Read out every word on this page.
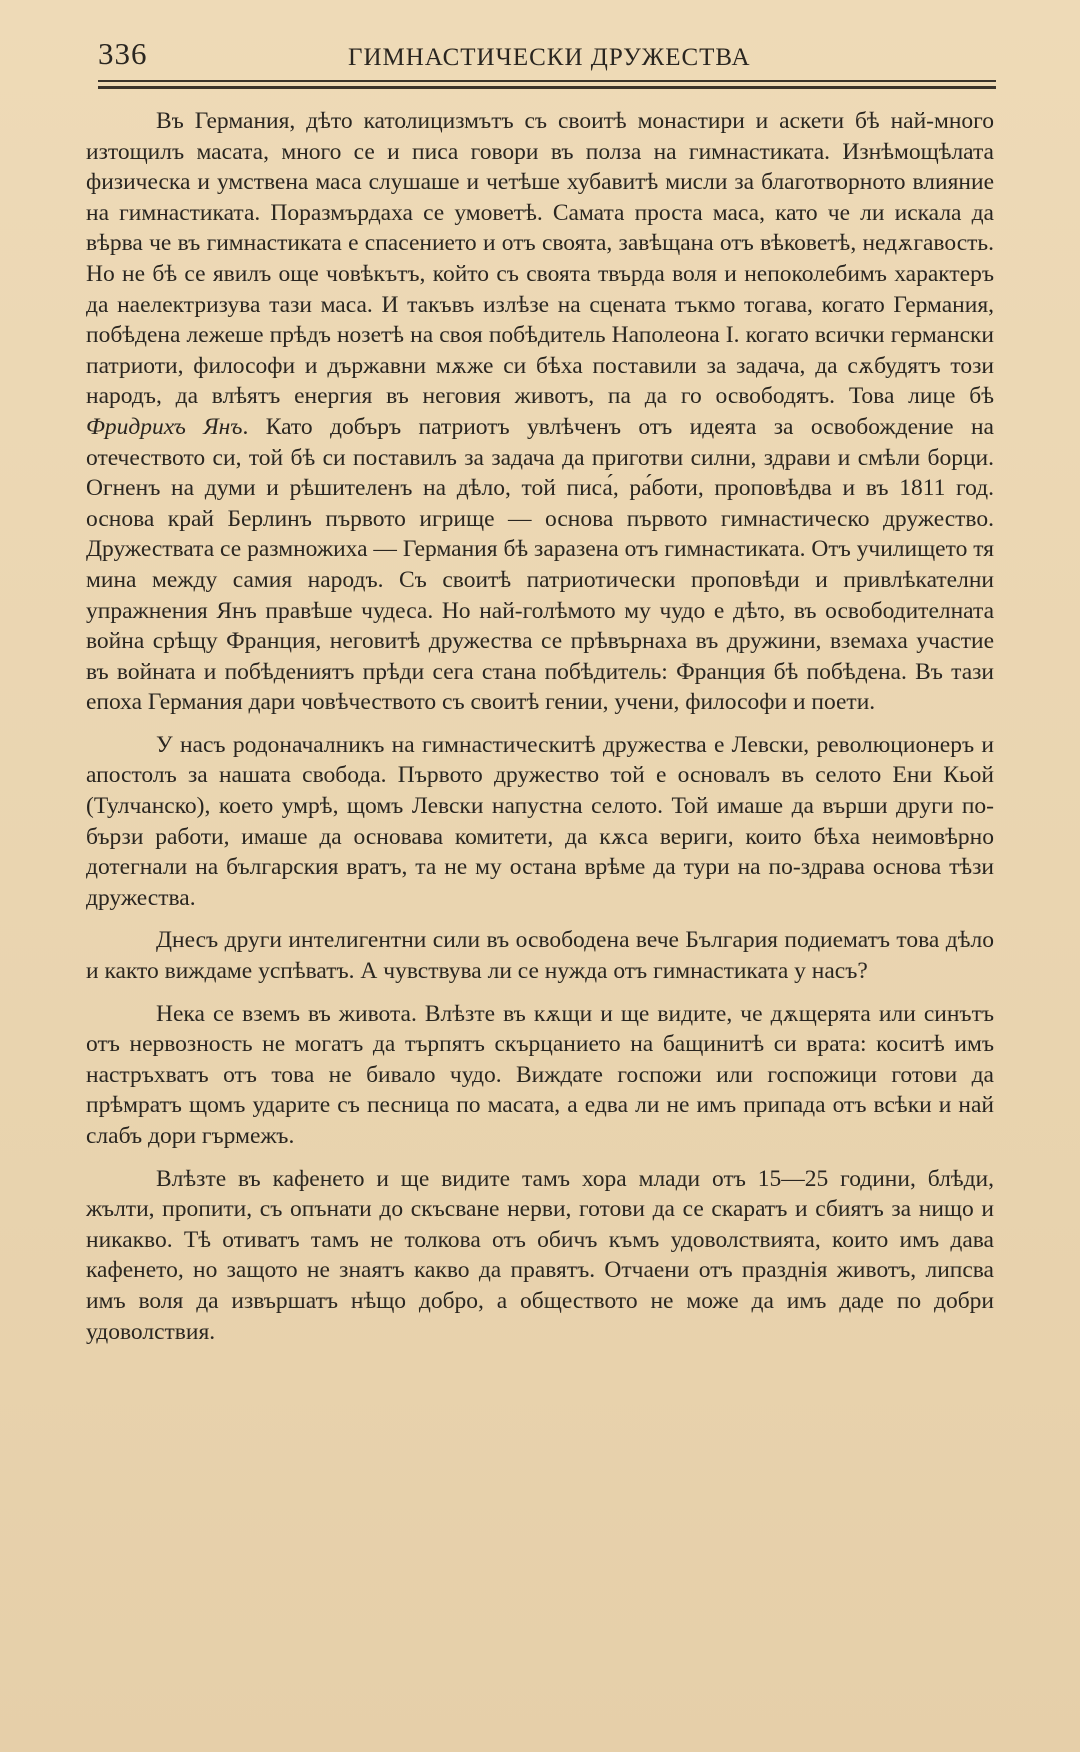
336	ГИМНАСТИЧЕСКИ ДРУЖЕСТВА

Въ Германия, дѣто католицизмътъ съ своитѣ монастири и аскети бѣ най-много изтощилъ масата, много се и писа говори въ полза на гимнастиката. Изнѣмощѣлата физическа и умствена маса слушаше и четѣше хубавитѣ мисли за благотворното влияние на гимнастиката. Поразмърдаха се умоветѣ. Самата проста маса, като че ли искала да вѣрва че въ гимнастиката е спасението и отъ своята, завѣщана отъ вѣковетѣ, недѫгавость. Но не бѣ се явилъ още човѣкътъ, който съ своята твърда воля и непоколебимъ характеръ да наелектризува тази маса. И такъвъ излѣзе на сцената тъкмо тогава, когато Германия, побѣдена лежеше прѣдъ нозетѣ на своя побѣдитель Наполеона I. когато всички германски патриоти, философи и държавни мѫже си бѣха поставили за задача, да сѫбудятъ този народъ, да влѣятъ енергия въ неговия животъ, па да го освободятъ. Това лице бѣ Фридрихъ Янъ. Като добъръ патриотъ увлѣченъ отъ идеята за освобождение на отечеството си, той бѣ си поставилъ за задача да приготви силни, здрави и смѣли борци. Огненъ на думи и рѣшителенъ на дѣло, той писа́, ра́боти, проповѣдва и въ 1811 год. основа край Берлинъ първото игрище — основа първото гимнастическо дружество. Дружествата се размножиха — Германия бѣ заразена отъ гимнастиката. Отъ училището тя мина между самия народъ. Съ своитѣ патриотически проповѣди и привлѣкателни упражнения Янъ правѣше чудеса. Но най-голѣмото му чудо е дѣто, въ освободителната война срѣщу Франция, неговитѣ дружества се прѣвърнаха въ дружини, вземаха участие въ войната и побѣдениятъ прѣди сега стана побѣдитель: Франция бѣ побѣдена. Въ тази епоха Германия дари човѣчеството съ своитѣ гении, учени, философи и поети.

У насъ родоначалникъ на гимнастическитѣ дружества е Левски, революционеръ и апостолъ за нашата свобода. Първото дружество той е основалъ въ селото Ени Кьой (Тулчанско), което умрѣ, щомъ Левски напустна селото. Той имаше да върши други по-бързи работи, имаше да основава комитети, да кѫса вериги, които бѣха неимовѣрно дотегнали на българския вратъ, та не му остана врѣме да тури на по-здрава основа тѣзи дружества.

Днесъ други интелигентни сили въ освободена вече България подиематъ това дѣло и както виждаме успѣватъ. А чувствува ли се нужда отъ гимнастиката у насъ?

Нека се вземъ въ живота. Влѣзте въ кѫщи и ще видите, че дѫщерята или синътъ отъ нервозность не могатъ да търпятъ скърцанието на бащинитѣ си врата: коситѣ имъ настръхватъ отъ това не бивало чудо. Виждате госпожи или госпожици готови да прѣмратъ щомъ ударите съ песница по масата, а едва ли не имъ припада отъ всѣки и най слабъ дори гърмежъ.

Влѣзте въ кафенето и ще видите тамъ хора млади отъ 15—25 години, блѣди, жълти, пропити, съ опънати до скъсване нерви, готови да се скаратъ и сбиятъ за нищо и никакво. Тѣ отиватъ тамъ не толкова отъ обичъ къмъ удоволствията, които имъ дава кафенето, но защото не знаятъ какво да правятъ. Отчаени отъ празднія животъ, липсва имъ воля да извършатъ нѣщо добро, а обществото не може да имъ даде по добри удоволствия.
